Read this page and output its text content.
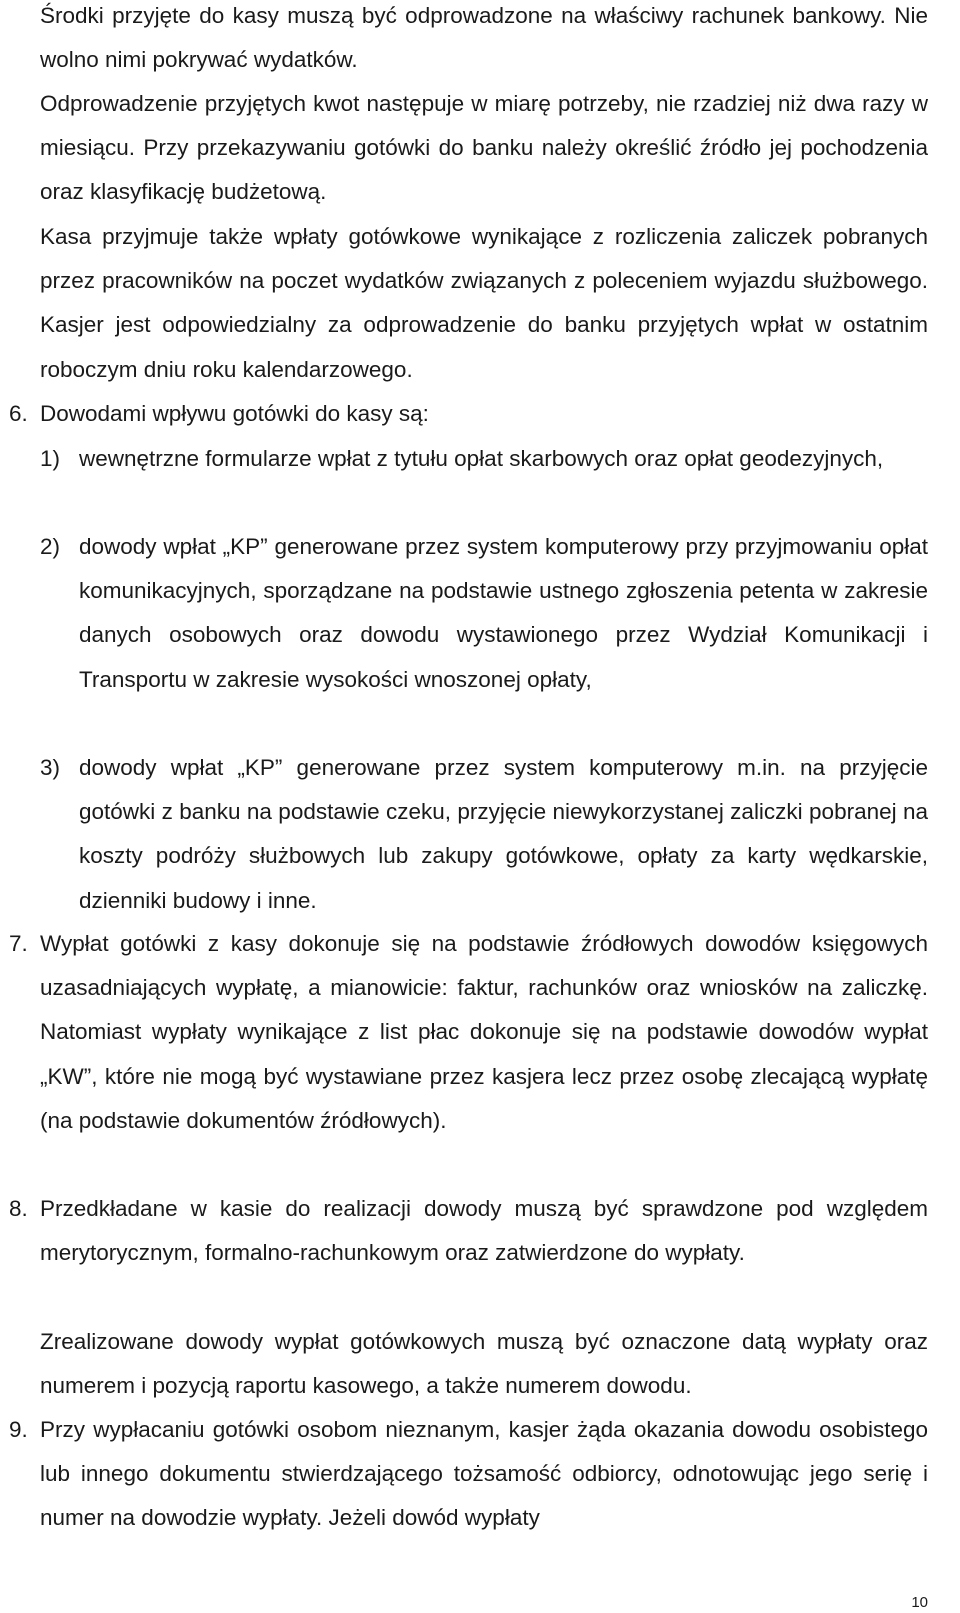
Środki przyjęte do kasy muszą być odprowadzone na właściwy rachunek bankowy. Nie wolno nimi pokrywać wydatków.
Odprowadzenie przyjętych kwot następuje w miarę potrzeby, nie rzadziej niż dwa razy w miesiącu. Przy przekazywaniu gotówki do banku należy określić źródło jej pochodzenia oraz klasyfikację budżetową.
Kasa przyjmuje także wpłaty gotówkowe wynikające z rozliczenia zaliczek pobranych przez pracowników na poczet wydatków związanych z poleceniem wyjazdu służbowego. Kasjer jest odpowiedzialny za odprowadzenie do banku przyjętych wpłat w ostatnim roboczym dniu roku kalendarzowego.
6. Dowodami wpływu gotówki do kasy są:
1) wewnętrzne formularze wpłat z tytułu opłat skarbowych oraz opłat geodezyjnych,
2) dowody wpłat „KP” generowane przez system komputerowy przy przyjmowaniu opłat komunikacyjnych, sporządzane na podstawie ustnego zgłoszenia petenta w zakresie danych osobowych oraz dowodu wystawionego przez Wydział Komunikacji i Transportu w zakresie wysokości wnoszonej opłaty,
3) dowody wpłat „KP” generowane przez system komputerowy m.in. na przyjęcie gotówki z banku na podstawie czeku, przyjęcie niewykorzystanej zaliczki pobranej na koszty podróży służbowych lub zakupy gotówkowe, opłaty za karty wędkarskie, dzienniki budowy i inne.
7. Wypłat gotówki z kasy dokonuje się na podstawie źródłowych dowodów księgowych uzasadniających wypłatę, a mianowicie: faktur, rachunków oraz wniosków na zaliczkę. Natomiast wypłaty wynikające z list płac dokonuje się na podstawie dowodów wypłat „KW”, które nie mogą być wystawiane przez kasjera lecz przez osobę zlecającą wypłatę (na podstawie dokumentów źródłowych).
8. Przedkładane w kasie do realizacji dowody muszą być sprawdzone pod względem merytorycznym, formalno-rachunkowym oraz zatwierdzone do wypłaty.
Zrealizowane dowody wypłat gotówkowych muszą być oznaczone datą wypłaty oraz numerem i pozycją raportu kasowego, a także numerem dowodu.
9. Przy wypłacaniu gotówki osobom nieznanym, kasjer żąda okazania dowodu osobistego lub innego dokumentu stwierdzającego tożsamość odbiorcy, odnotowując jego serię i numer na dowodzie wypłaty. Jeżeli dowód wypłaty
10
